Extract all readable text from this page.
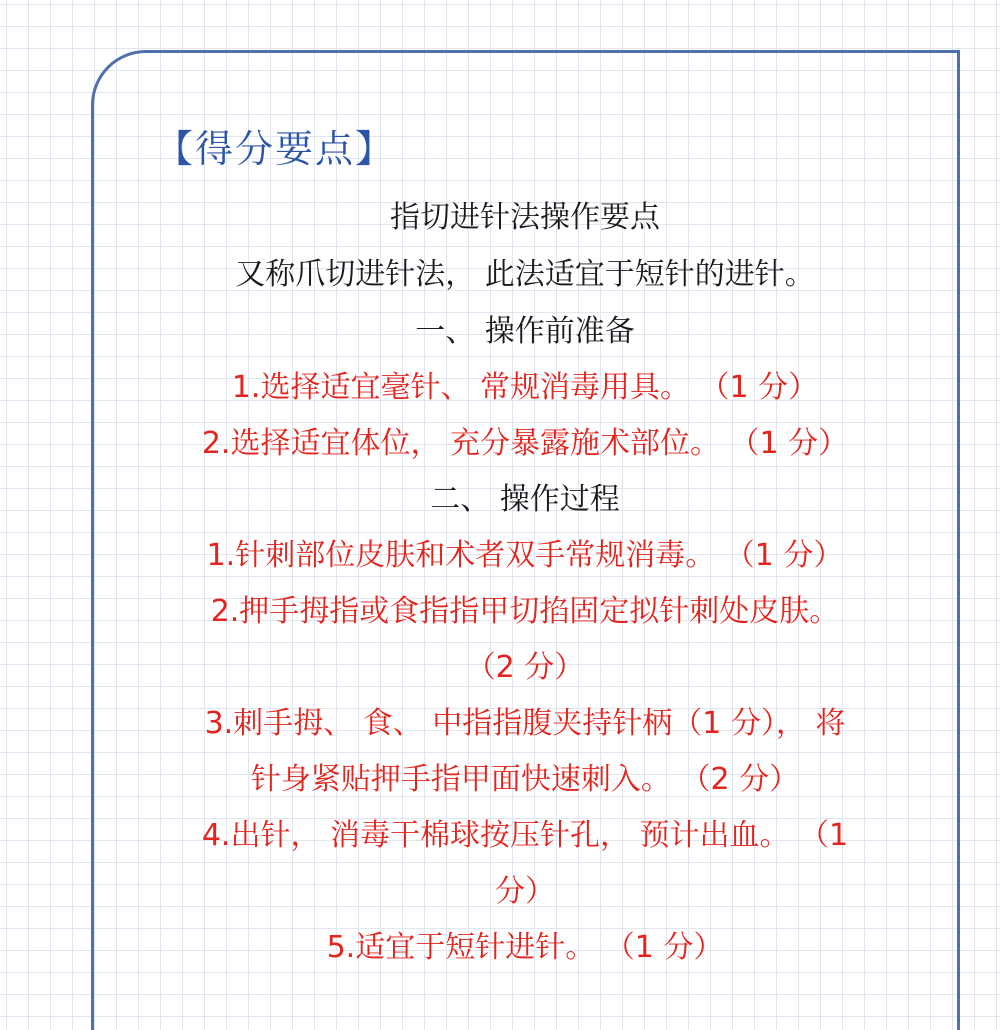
【得分要点】
指切进针法操作要点
又称爪切进针法， 此法适宜于短针的进针。
一、 操作前准备
1.选择适宜毫针、 常规消毒用具。 （1 分）
2.选择适宜体位， 充分暴露施术部位。 （1 分）
二、 操作过程
1.针刺部位皮肤和术者双手常规消毒。 （1 分）
2.押手拇指或食指指甲切掐固定拟针刺处皮肤。
（2 分）
3.刺手拇、 食、 中指指腹夹持针柄（1 分）， 将
针身紧贴押手指甲面快速刺入。 （2 分）
4.出针， 消毒干棉球按压针孔， 预计出血。 （1
分）
5.适宜于短针进针。 （1 分）
